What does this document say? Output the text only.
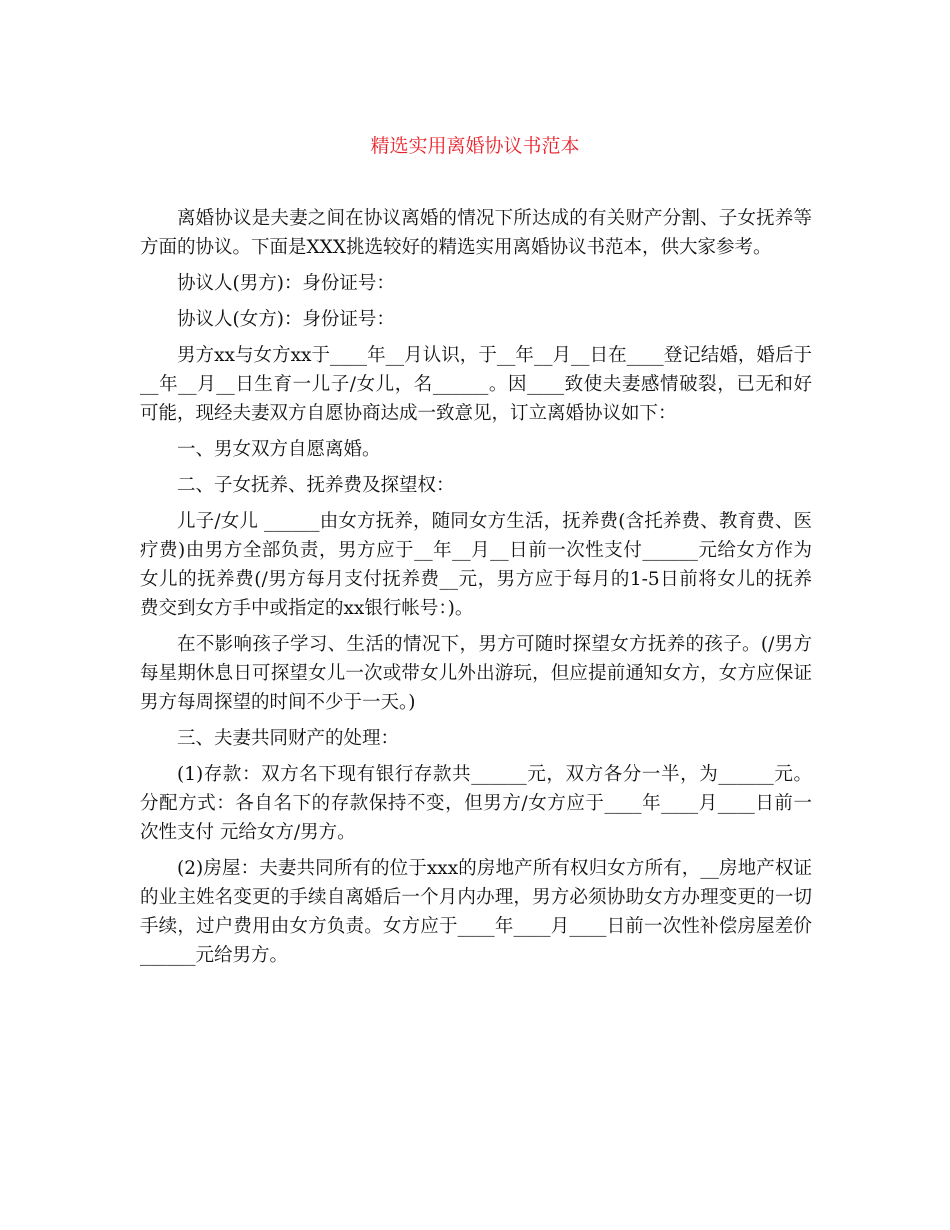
精选实用离婚协议书范本

离婚协议是夫妻之间在协议离婚的情况下所达成的有关财产分割、子女抚养等方面的协议。下面是XXX挑选较好的精选实用离婚协议书范本，供大家参考。

协议人(男方)：身份证号：

协议人(女方)：身份证号：

男方xx与女方xx于____年__月认识，于__年__月__日在____登记结婚，婚后于__年__月__日生育一儿子/女儿，名______。因____致使夫妻感情破裂，已无和好可能，现经夫妻双方自愿协商达成一致意见，订立离婚协议如下：

一、男女双方自愿离婚。

二、子女抚养、抚养费及探望权：

儿子/女儿 ______由女方抚养，随同女方生活，抚养费(含托养费、教育费、医疗费)由男方全部负责，男方应于__年__月__日前一次性支付______元给女方作为女儿的抚养费(/男方每月支付抚养费__元，男方应于每月的1-5日前将女儿的抚养费交到女方手中或指定的xx银行帐号：)。

在不影响孩子学习、生活的情况下，男方可随时探望女方抚养的孩子。(/男方每星期休息日可探望女儿一次或带女儿外出游玩，但应提前通知女方，女方应保证男方每周探望的时间不少于一天。)

三、夫妻共同财产的处理：

(1)存款：双方名下现有银行存款共______元，双方各分一半，为______元。分配方式：各自名下的存款保持不变，但男方/女方应于____年____月____日前一次性支付 元给女方/男方。

(2)房屋：夫妻共同所有的位于xxx的房地产所有权归女方所有，__房地产权证的业主姓名变更的手续自离婚后一个月内办理，男方必须协助女方办理变更的一切手续，过户费用由女方负责。女方应于____年____月____日前一次性补偿房屋差价______元给男方。
